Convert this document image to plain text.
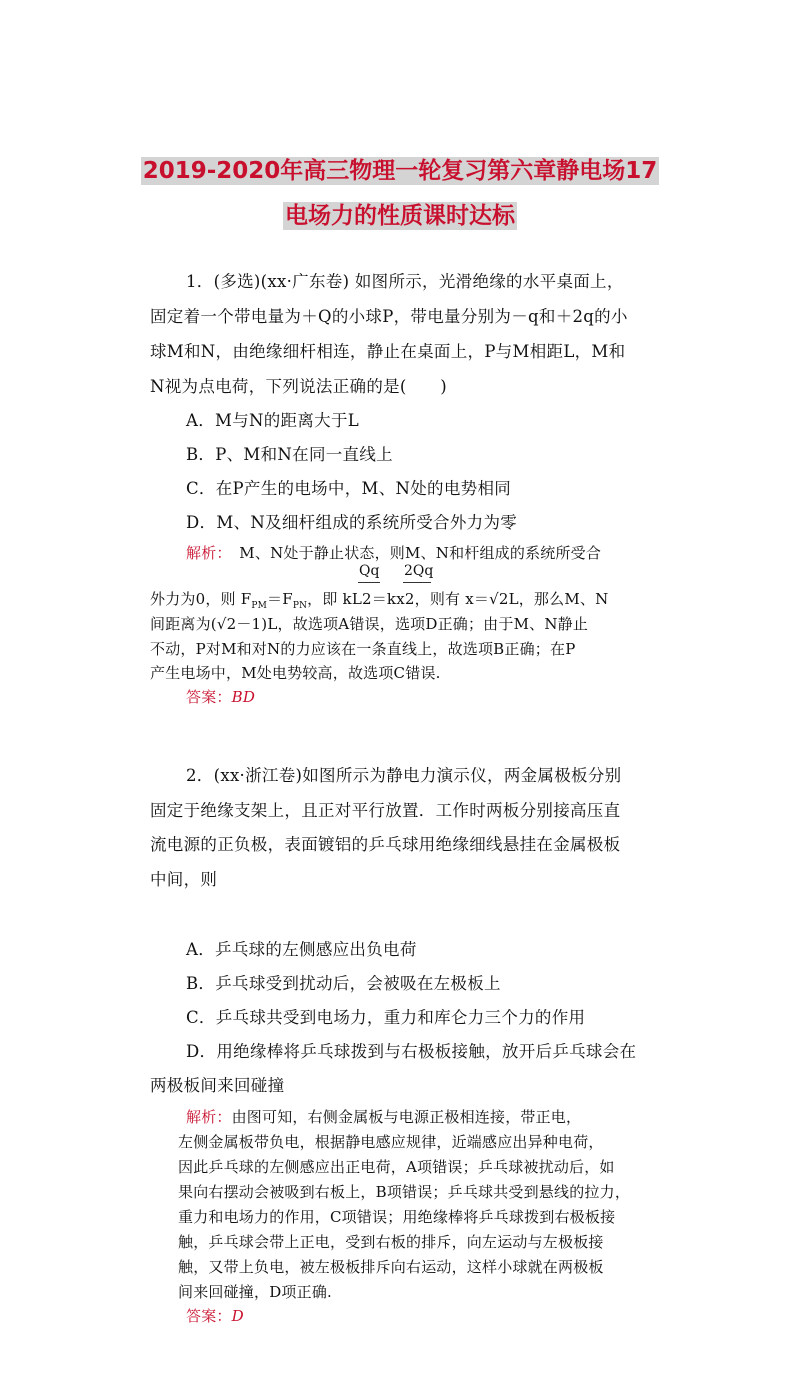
2019-2020年高三物理一轮复习第六章静电场17
电场力的性质课时达标
1．(多选)(xx·广东卷) 如图所示，光滑绝缘的水平桌面上，
固定着一个带电量为＋Q的小球P，带电量分别为－q和＋2q的小
球M和N，由绝缘细杆相连，静止在桌面上，P与M相距L，M和
N视为点电荷，下列说法正确的是(　　)
A．M与N的距离大于L
B．P、M和N在同一直线上
C．在P产生的电场中，M、N处的电势相同
D．M、N及细杆组成的系统所受合外力为零
解析：　M、N处于静止状态，则M、N和杆组成的系统所受合
Qq 2Qq
外力为0，则 $F_{PM}=F_{PN}$，即 kL2＝kx2，则有 x＝√2L，那么M、N
间距离为(√2－1)L，故选项A错误，选项D正确；由于M、N静止
不动，P对M和对N的力应该在一条直线上，故选项B正确；在P
产生电场中，M处电势较高，故选项C错误.
答案：BD
2．(xx·浙江卷)如图所示为静电力演示仪，两金属极板分别
固定于绝缘支架上，且正对平行放置．工作时两板分别接高压直
流电源的正负极，表面镀铝的乒乓球用绝缘细线悬挂在金属极板
中间，则
A．乒乓球的左侧感应出负电荷
B．乒乓球受到扰动后，会被吸在左极板上
C．乒乓球共受到电场力，重力和库仑力三个力的作用
D．用绝缘棒将乒乓球拨到与右极板接触，放开后乒乓球会在
两极板间来回碰撞
解析：由图可知，右侧金属板与电源正极相连接，带正电，
左侧金属板带负电，根据静电感应规律，近端感应出异种电荷，
因此乒乓球的左侧感应出正电荷，A项错误；乒乓球被扰动后，如
果向右摆动会被吸到右板上，B项错误；乒乓球共受到悬线的拉力，
重力和电场力的作用，C项错误；用绝缘棒将乒乓球拨到右极板接
触，乒乓球会带上正电，受到右板的排斥，向左运动与左极板接
触，又带上负电，被左极板排斥向右运动，这样小球就在两极板
间来回碰撞，D项正确.
答案：D
